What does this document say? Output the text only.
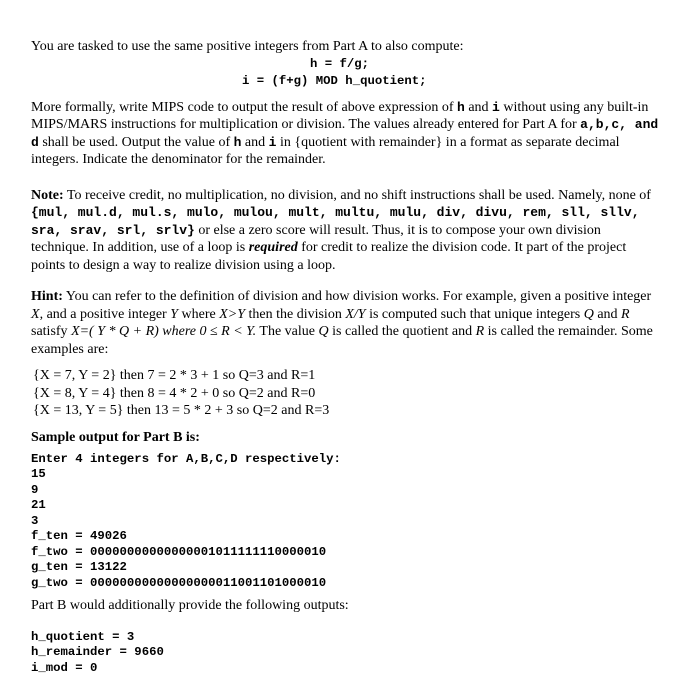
You are tasked to use the same positive integers from Part A to also compute:

h = f/g;
i = (f+g) MOD h_quotient;

More formally, write MIPS code to output the result of above expression of h and i without using any built-in MIPS/MARS instructions for multiplication or division. The values already entered for Part A for a,b,c, and d shall be used. Output the value of h and i in {quotient with remainder} in a format as separate decimal integers. Indicate the denominator for the remainder.

Note: To receive credit, no multiplication, no division, and no shift instructions shall be used. Namely, none of {mul, mul.d, mul.s, mulo, mulou, mult, multu, mulu, div, divu, rem, sll, sllv, sra, srav, srl, srlv} or else a zero score will result. Thus, it is to compose your own division technique. In addition, use of a loop is required for credit to realize the division code. It part of the project points to design a way to realize division using a loop.

Hint: You can refer to the definition of division and how division works. For example, given a positive integer X, and a positive integer Y where X>Y then the division X/Y is computed such that unique integers Q and R satisfy X=( Y * Q + R) where 0 ≤ R < Y. The value Q is called the quotient and R is called the remainder. Some examples are:

{X = 7, Y = 2} then 7 = 2 * 3 + 1 so Q=3 and R=1
{X = 8, Y = 4} then 8 = 4 * 2 + 0 so Q=2 and R=0
{X = 13, Y = 5} then 13 = 5 * 2 + 3 so Q=2 and R=3

Sample output for Part B is:

Enter 4 integers for A,B,C,D respectively:
15
9
21
3
f_ten = 49026
f_two = 00000000000000001011111110000010
g_ten = 13122
g_two = 00000000000000000011001101000010

Part B would additionally provide the following outputs:

h_quotient = 3
h_remainder = 9660
i_mod = 0
